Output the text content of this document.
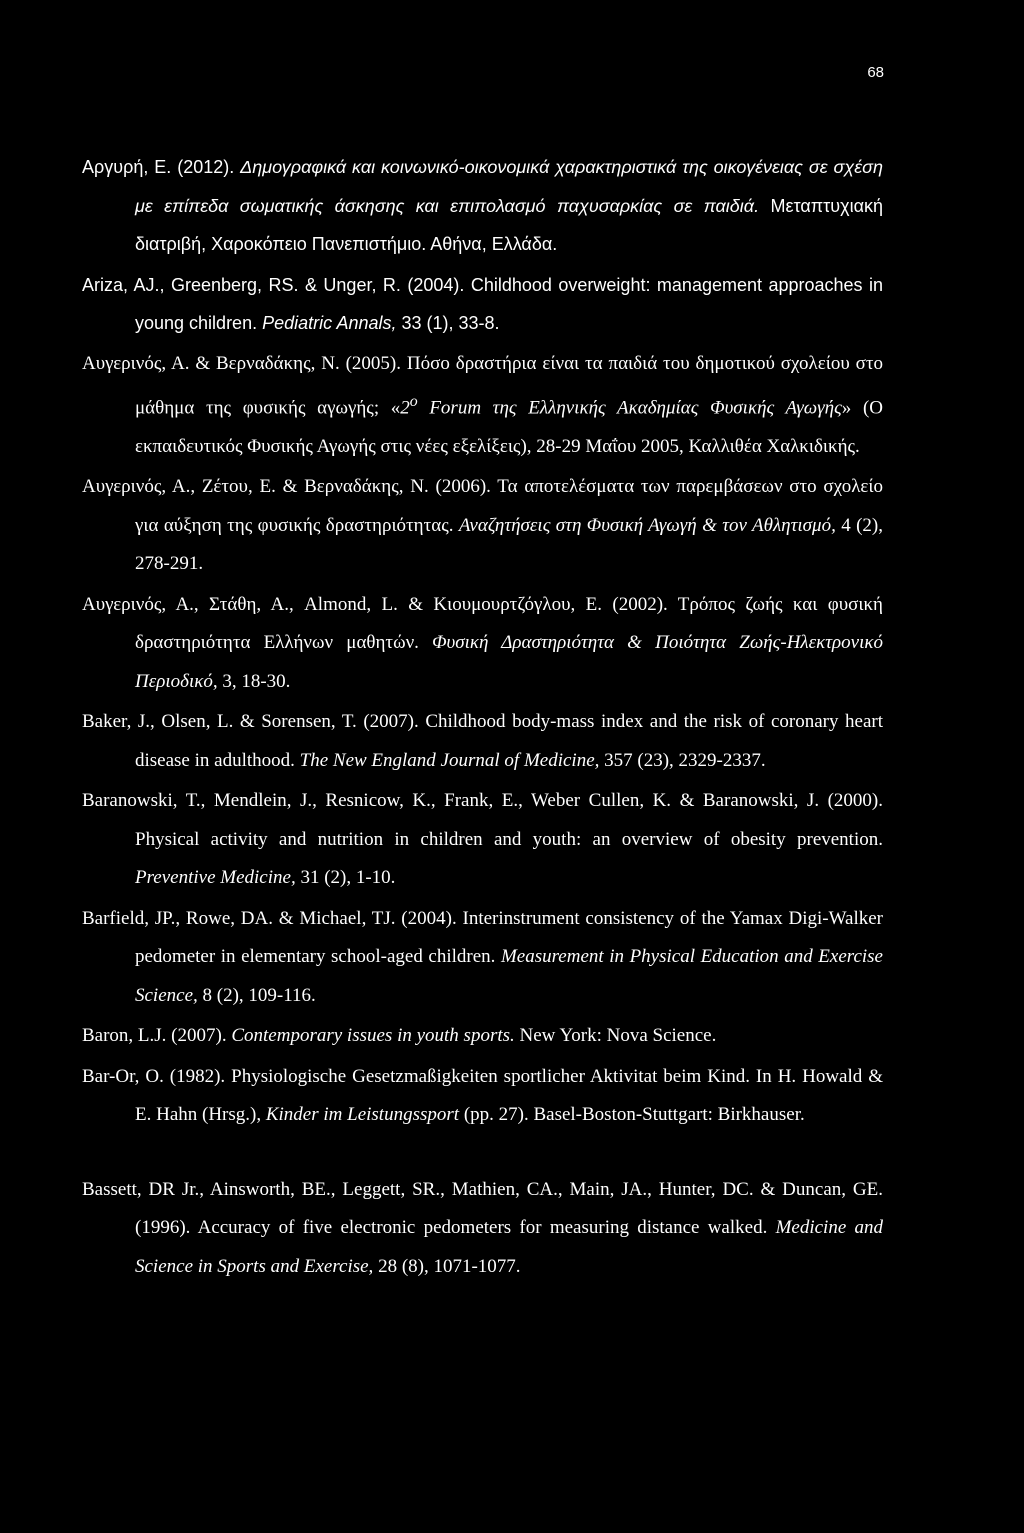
68

Αργυρή, Ε. (2012). Δημογραφικά και κοινωνικό-οικονομικά χαρακτηριστικά της οικογένειας σε σχέση με επίπεδα σωματικής άσκησης και επιπολασμό παχυσαρκίας σε παιδιά. Μεταπτυχιακή διατριβή, Χαροκόπειο Πανεπιστήμιο. Αθήνα, Ελλάδα.

Ariza, AJ., Greenberg, RS. & Unger, R. (2004). Childhood overweight: management approaches in young children. Pediatric Annals, 33 (1), 33-8.

Αυγερινός, Α. & Βερναδάκης, Ν. (2005). Πόσο δραστήρια είναι τα παιδιά του δημοτικού σχολείου στο μάθημα της φυσικής αγωγής; «$2^o$ Forum της Ελληνικής Ακαδημίας Φυσικής Αγωγής» (Ο εκπαιδευτικός Φυσικής Αγωγής στις νέες εξελίξεις), 28-29 Μαΐου 2005, Καλλιθέα Χαλκιδικής.

Αυγερινός, Α., Ζέτου, Ε. & Βερναδάκης, Ν. (2006). Τα αποτελέσματα των παρεμβάσεων στο σχολείο για αύξηση της φυσικής δραστηριότητας. Αναζητήσεις στη Φυσική Αγωγή & τον Αθλητισμό, 4 (2), 278-291.

Αυγερινός, Α., Στάθη, Α., Almond, L. & Κιουμουρτζόγλου, Ε. (2002). Τρόπος ζωής και φυσική δραστηριότητα Ελλήνων μαθητών. Φυσική Δραστηριότητα & Ποιότητα Ζωής-Ηλεκτρονικό Περιοδικό, 3, 18-30.

Baker, J., Olsen, L. & Sorensen, T. (2007). Childhood body-mass index and the risk of coronary heart disease in adulthood. The New England Journal of Medicine, 357 (23), 2329-2337.

Baranowski, T., Mendlein, J., Resnicow, K., Frank, E., Weber Cullen, K. & Baranowski, J. (2000). Physical activity and nutrition in children and youth: an overview of obesity prevention. Preventive Medicine, 31 (2), 1-10.

Barfield, JP., Rowe, DA. & Michael, TJ. (2004). Interinstrument consistency of the Yamax Digi-Walker pedometer in elementary school-aged children. Measurement in Physical Education and Exercise Science, 8 (2), 109-116.

Baron, L.J. (2007). Contemporary issues in youth sports. New York: Nova Science.

Bar-Or, O. (1982). Physiologische Gesetzmaßigkeiten sportlicher Aktivitat beim Kind. In H. Howald & E. Hahn (Hrsg.), Kinder im Leistungssport (pp. 27). Basel-Boston-Stuttgart: Birkhauser.

Bassett, DR Jr., Ainsworth, BE., Leggett, SR., Mathien, CA., Main, JA., Hunter, DC. & Duncan, GE. (1996). Accuracy of five electronic pedometers for measuring distance walked. Medicine and Science in Sports and Exercise, 28 (8), 1071-1077.
